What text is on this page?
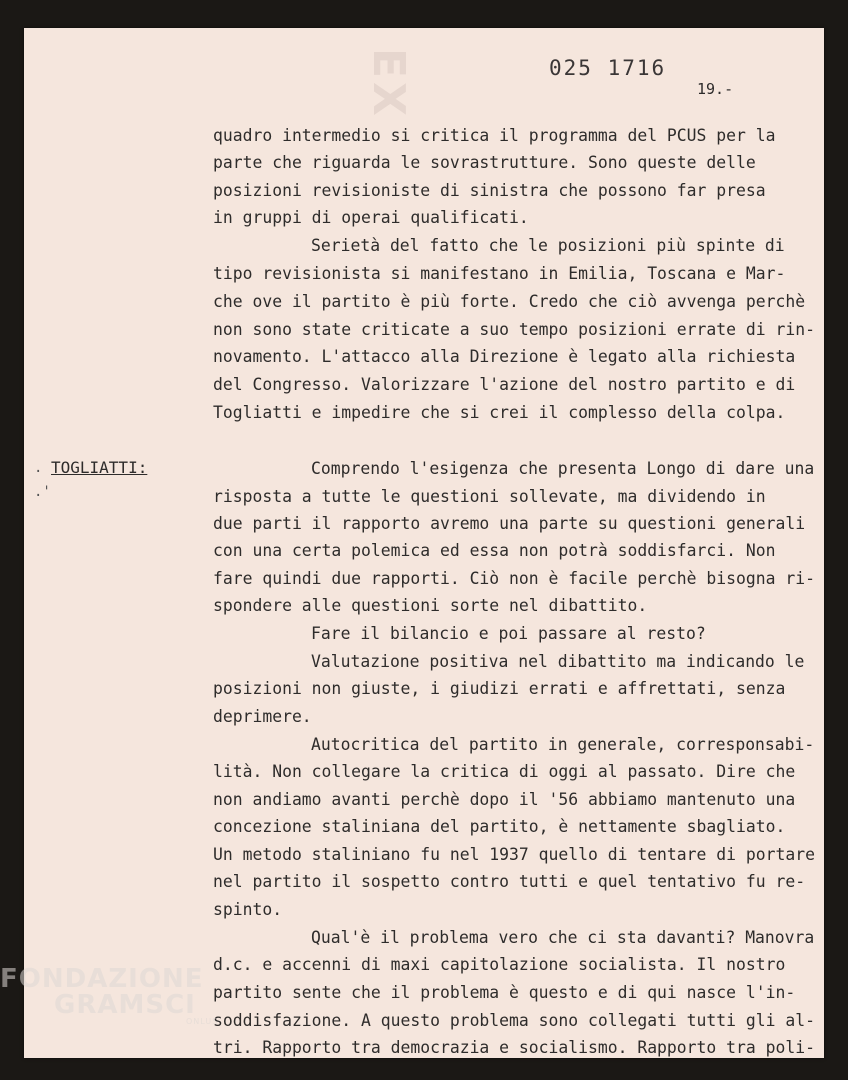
EX	025 1716
19.-
TOGLIATTI:
.
.'
quadro intermedio si critica il programma del PCUS per la
parte che riguarda le sovrastrutture. Sono queste delle
posizioni revisioniste di sinistra che possono far presa
in gruppi di operai qualificati.
Serietà del fatto che le posizioni più spinte di
tipo revisionista si manifestano in Emilia, Toscana e Mar-
che ove il partito è più forte. Credo che ciò avvenga perchè
non sono state criticate a suo tempo posizioni errate di rin-
novamento. L'attacco alla Direzione è legato alla richiesta
del Congresso. Valorizzare l'azione del nostro partito e di
Togliatti e impedire che si crei il complesso della colpa.
Comprendo l'esigenza che presenta Longo di dare una
risposta a tutte le questioni sollevate, ma dividendo in
due parti il rapporto avremo una parte su questioni generali
con una certa polemica ed essa non potrà soddisfarci. Non
fare quindi due rapporti. Ciò non è facile perchè bisogna ri-
spondere alle questioni sorte nel dibattito.
Fare il bilancio e poi passare al resto?
Valutazione positiva nel dibattito ma indicando le
posizioni non giuste, i giudizi errati e affrettati, senza
deprimere.
Autocritica del partito in generale, corresponsabi-
lità. Non collegare la critica di oggi al passato. Dire che
non andiamo avanti perchè dopo il '56 abbiamo mantenuto una
concezione staliniana del partito, è nettamente sbagliato.
Un metodo staliniano fu nel 1937 quello di tentare di portare
nel partito il sospetto contro tutti e quel tentativo fu re-
spinto.
Qual'è il problema vero che ci sta davanti? Manovra
d.c. e accenni di maxi capitolazione socialista. Il nostro
partito sente che il problema è questo e di qui nasce l'in-
soddisfazione. A questo problema sono collegati tutti gli al-
tri. Rapporto tra democrazia e socialismo. Rapporto tra poli-
FONDAZIONE
GRAMSCI
ONLUS
